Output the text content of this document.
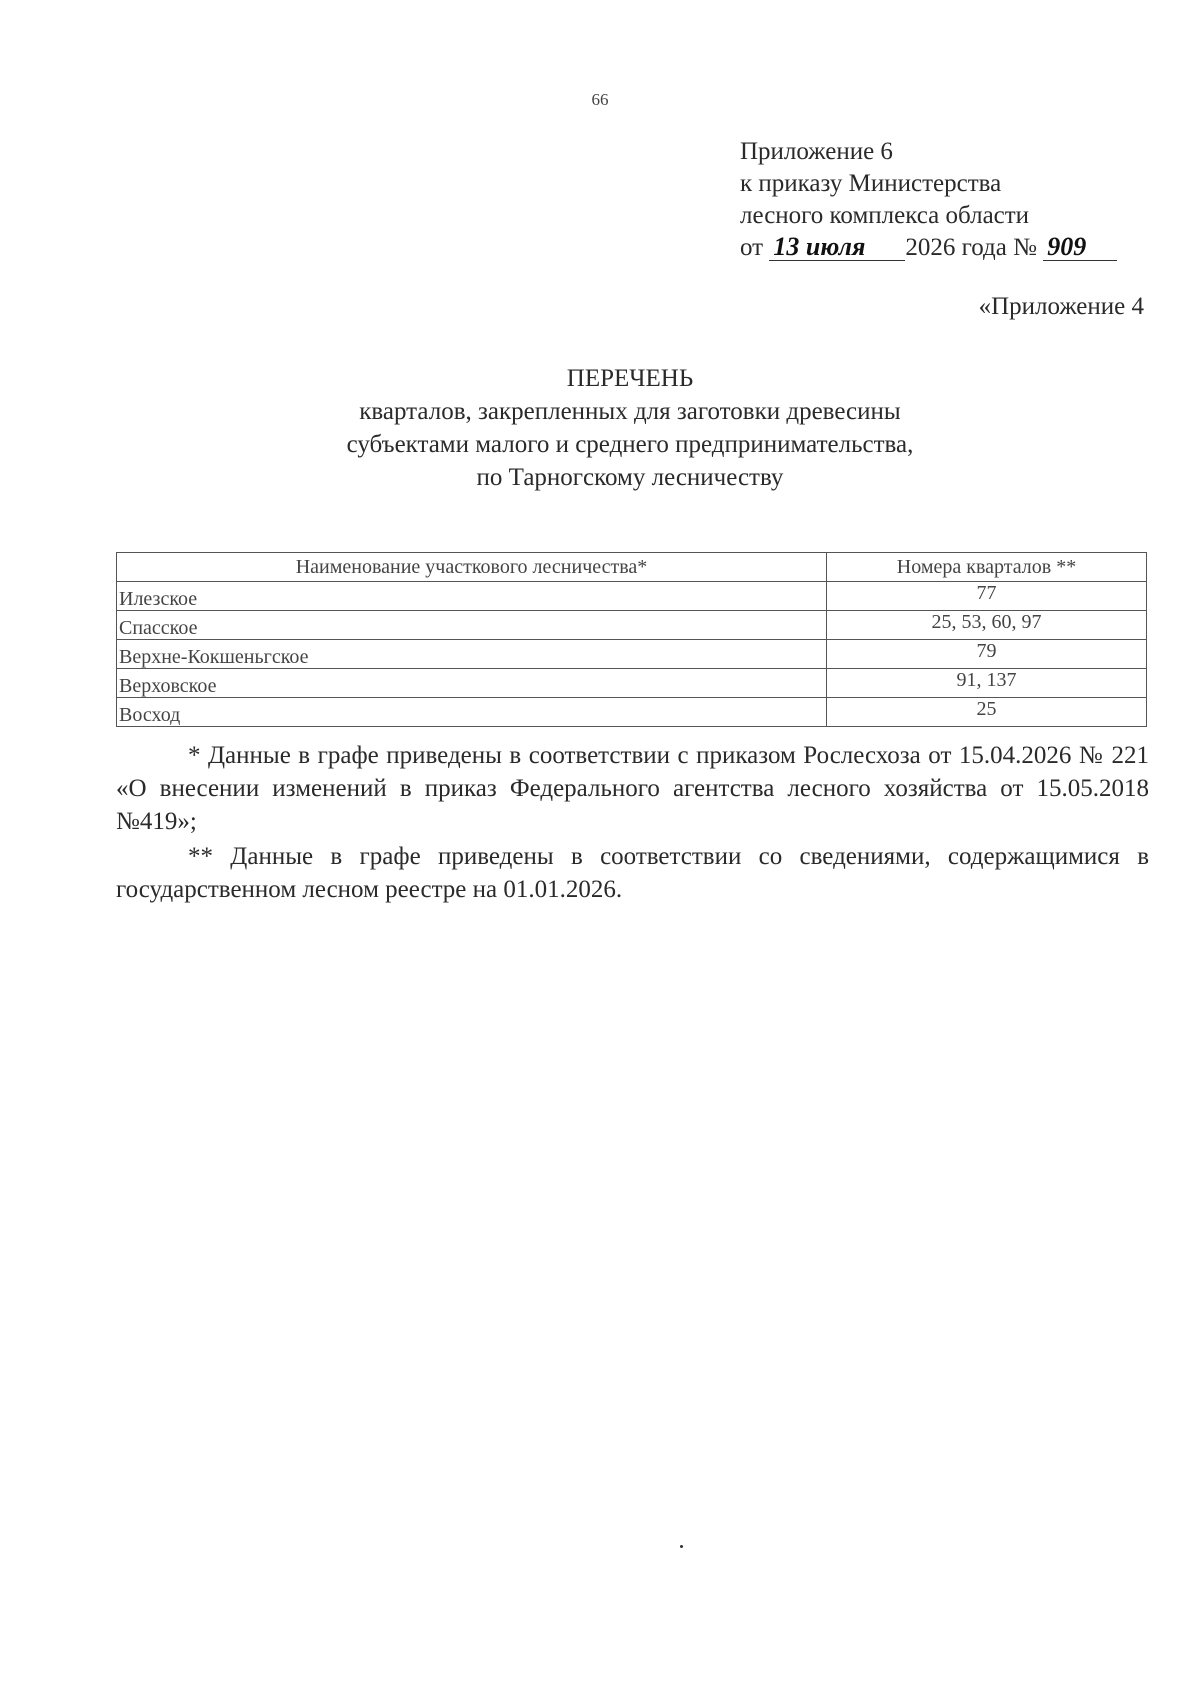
66
Приложение 6
к приказу Министерства
лесного комплекса области
от 13 июля 2026 года № 909
«Приложение 4
ПЕРЕЧЕНЬ
кварталов, закрепленных для заготовки древесины
субъектами малого и среднего предпринимательства,
по Тарногскому лесничеству
Наименование участкового лесничества*	Номера кварталов **
Илезское	77
Спасское	25, 53, 60, 97
Верхне-Кокшеньгское	79
Верховское	91, 137
Восход	25

* Данные в графе приведены в соответствии с приказом Рослесхоза от 15.04.2026 № 221 «О внесении изменений в приказ Федерального агентства лесного хозяйства от 15.05.2018 №419»;

** Данные в графе приведены в соответствии со сведениями, содержащимися в государственном лесном реестре на 01.01.2026.
